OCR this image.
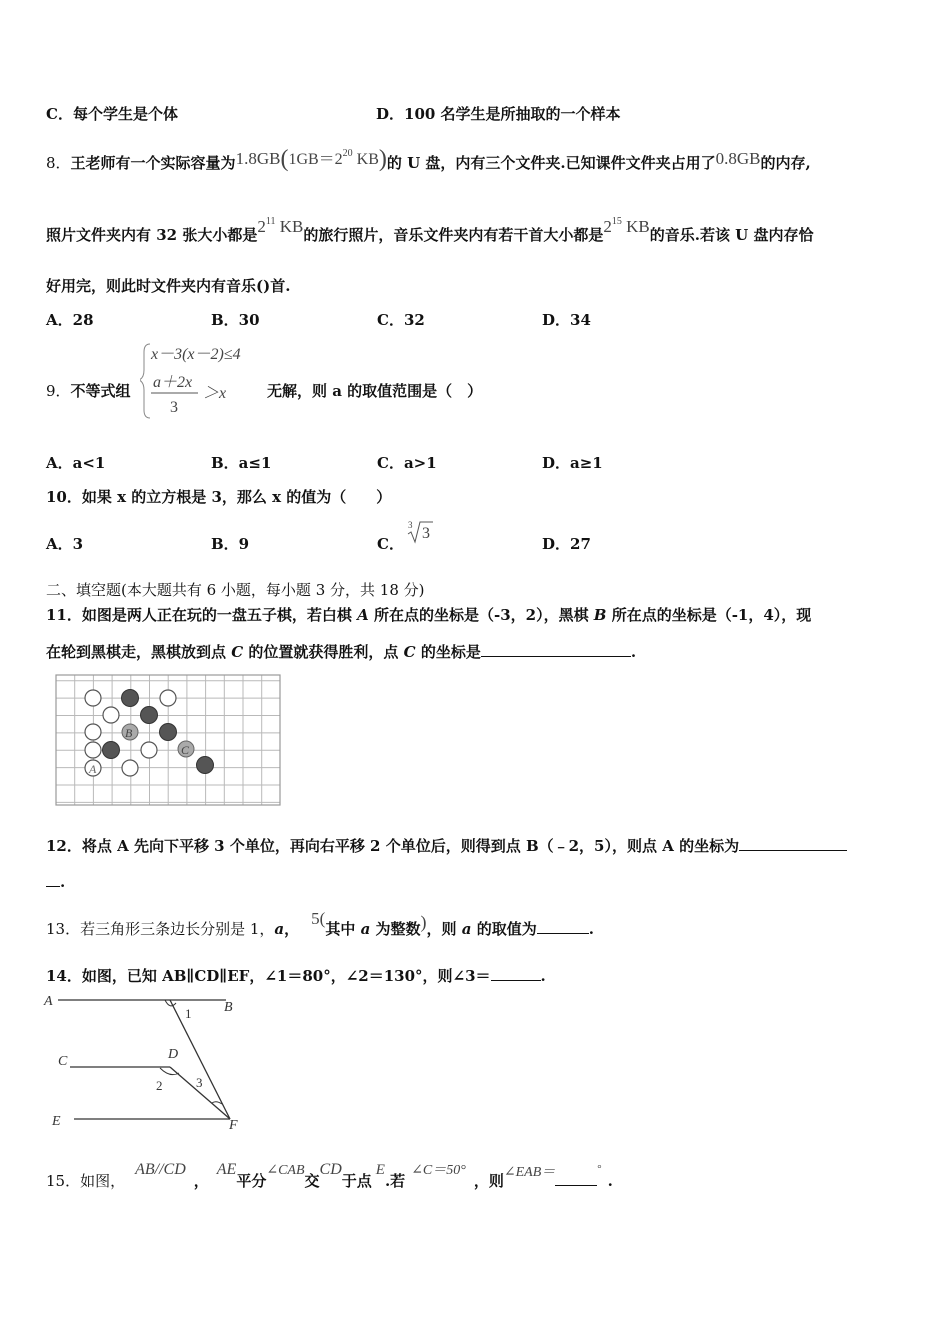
C．每个学生是个体	D．100 名学生是所抽取的一个样本
8．王老师有一个实际容量为$1.8GB(1GB=2^{20}$ KB)的 U 盘，内有三个文件夹.已知课件文件夹占用了0.8GB的内存,
照片文件夹内有 32 张大小都是$2^{11}$ KB的旅行照片，音乐文件夹内有若干首大小都是$2^{15}$ KB的音乐.若该 U 盘内存恰
好用完，则此时文件夹内有音乐()首.
A．28	B．30	C．32	D．34
9．不等式组
x－3(x－2)≤4
a＋2x
3
＞x	无解，则 a 的取值范围是（　）
A．a<1	B．a≤1	C．a>1	D．a≥1
10．如果 x 的立方根是 3，那么 x 的值为（　　）
A．3	B．9	C．
3 3
D．27
二、填空题(本大题共有 6 小题，每小题 3 分，共 18 分)
11．如图是两人正在玩的一盘五子棋，若白棋 A 所在点的坐标是（-3，2），黑棋 B 所在点的坐标是（-1，4），现
在轮到黑棋走，黑棋放到点 C 的位置就获得胜利，点 C 的坐标是	.
A
B
C
12．将点 A 先向下平移 3 个单位，再向右平移 2 个单位后，则得到点 B（﹣2，5），则点 A 的坐标为
.
13．若三角形三条边长分别是 1，a，5(其中 a 为整数)，则 a 的取值为	.
14．如图，已知 AB∥CD∥EF，∠1＝80°，∠2＝130°，则∠3＝	.
A	B
C	D
E	F
1
2	3
15．如图，AB//CD，AE平分∠CAB交CD于点E.若∠C＝50°，则∠EAB＝	°.
